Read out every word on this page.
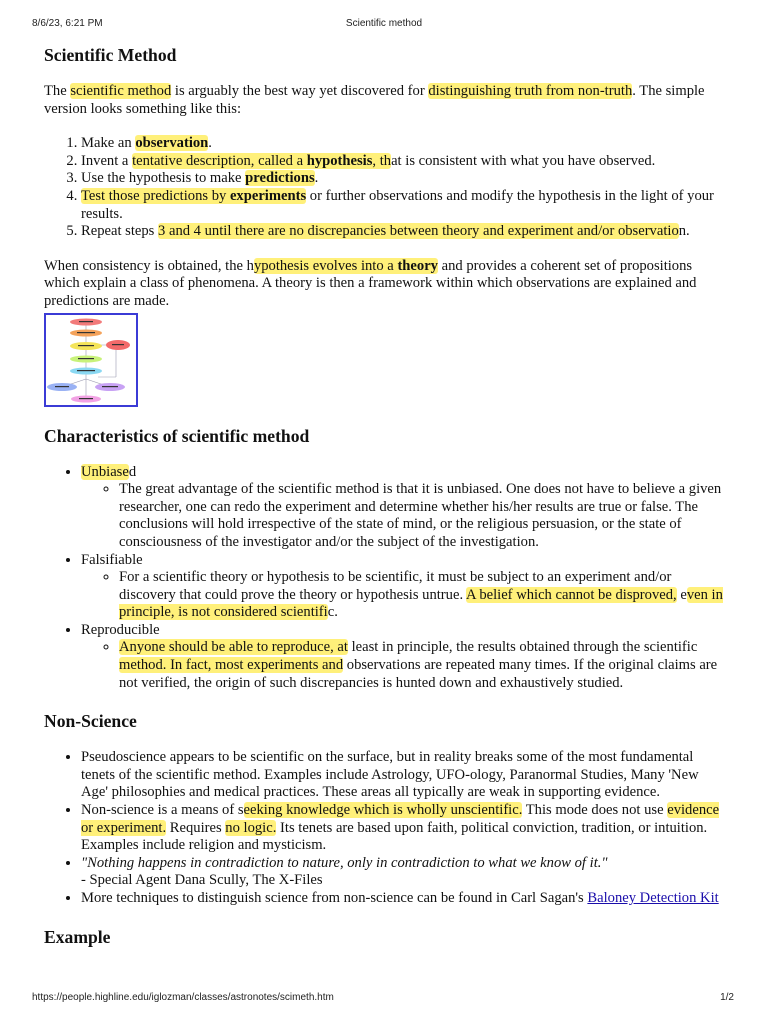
8/6/23, 6:21 PM	Scientific method
Scientific Method

The scientific method is arguably the best way yet discovered for distinguishing truth from non-truth. The simple version looks something like this:

1. Make an observation.
2. Invent a tentative description, called a hypothesis, that is consistent with what you have observed.
3. Use the hypothesis to make predictions.
4. Test those predictions by experiments or further observations and modify the hypothesis in the light of your results.
5. Repeat steps 3 and 4 until there are no discrepancies between theory and experiment and/or observation.

When consistency is obtained, the hypothesis evolves into a theory and provides a coherent set of propositions which explain a class of phenomena. A theory is then a framework within which observations are explained and predictions are made.

Characteristics of scientific method
• Unbiased
◦ The great advantage of the scientific method is that it is unbiased. One does not have to believe a given researcher, one can redo the experiment and determine whether his/her results are true or false. The conclusions will hold irrespective of the state of mind, or the religious persuasion, or the state of consciousness of the investigator and/or the subject of the investigation.
• Falsifiable
◦ For a scientific theory or hypothesis to be scientific, it must be subject to an experiment and/or discovery that could prove the theory or hypothesis untrue. A belief which cannot be disproved, even in principle, is not considered scientific.
• Reproducible
◦ Anyone should be able to reproduce, at least in principle, the results obtained through the scientific method. In fact, most experiments and observations are repeated many times. If the original claims are not verified, the origin of such discrepancies is hunted down and exhaustively studied.
Non-Science
• Pseudoscience appears to be scientific on the surface, but in reality breaks some of the most fundamental tenets of the scientific method. Examples include Astrology, UFO-ology, Paranormal Studies, Many 'New Age' philosophies and medical practices. These areas all typically are weak in supporting evidence.
• Non-science is a means of seeking knowledge which is wholly unscientific. This mode does not use evidence or experiment. Requires no logic. Its tenets are based upon faith, political conviction, tradition, or intuition. Examples include religion and mysticism.
• "Nothing happens in contradiction to nature, only in contradiction to what we know of it."
- Special Agent Dana Scully, The X-Files
• More techniques to distinguish science from non-science can be found in Carl Sagan's Baloney Detection Kit
Example
https://people.highline.edu/iglozman/classes/astronotes/scimeth.htm	1/2
